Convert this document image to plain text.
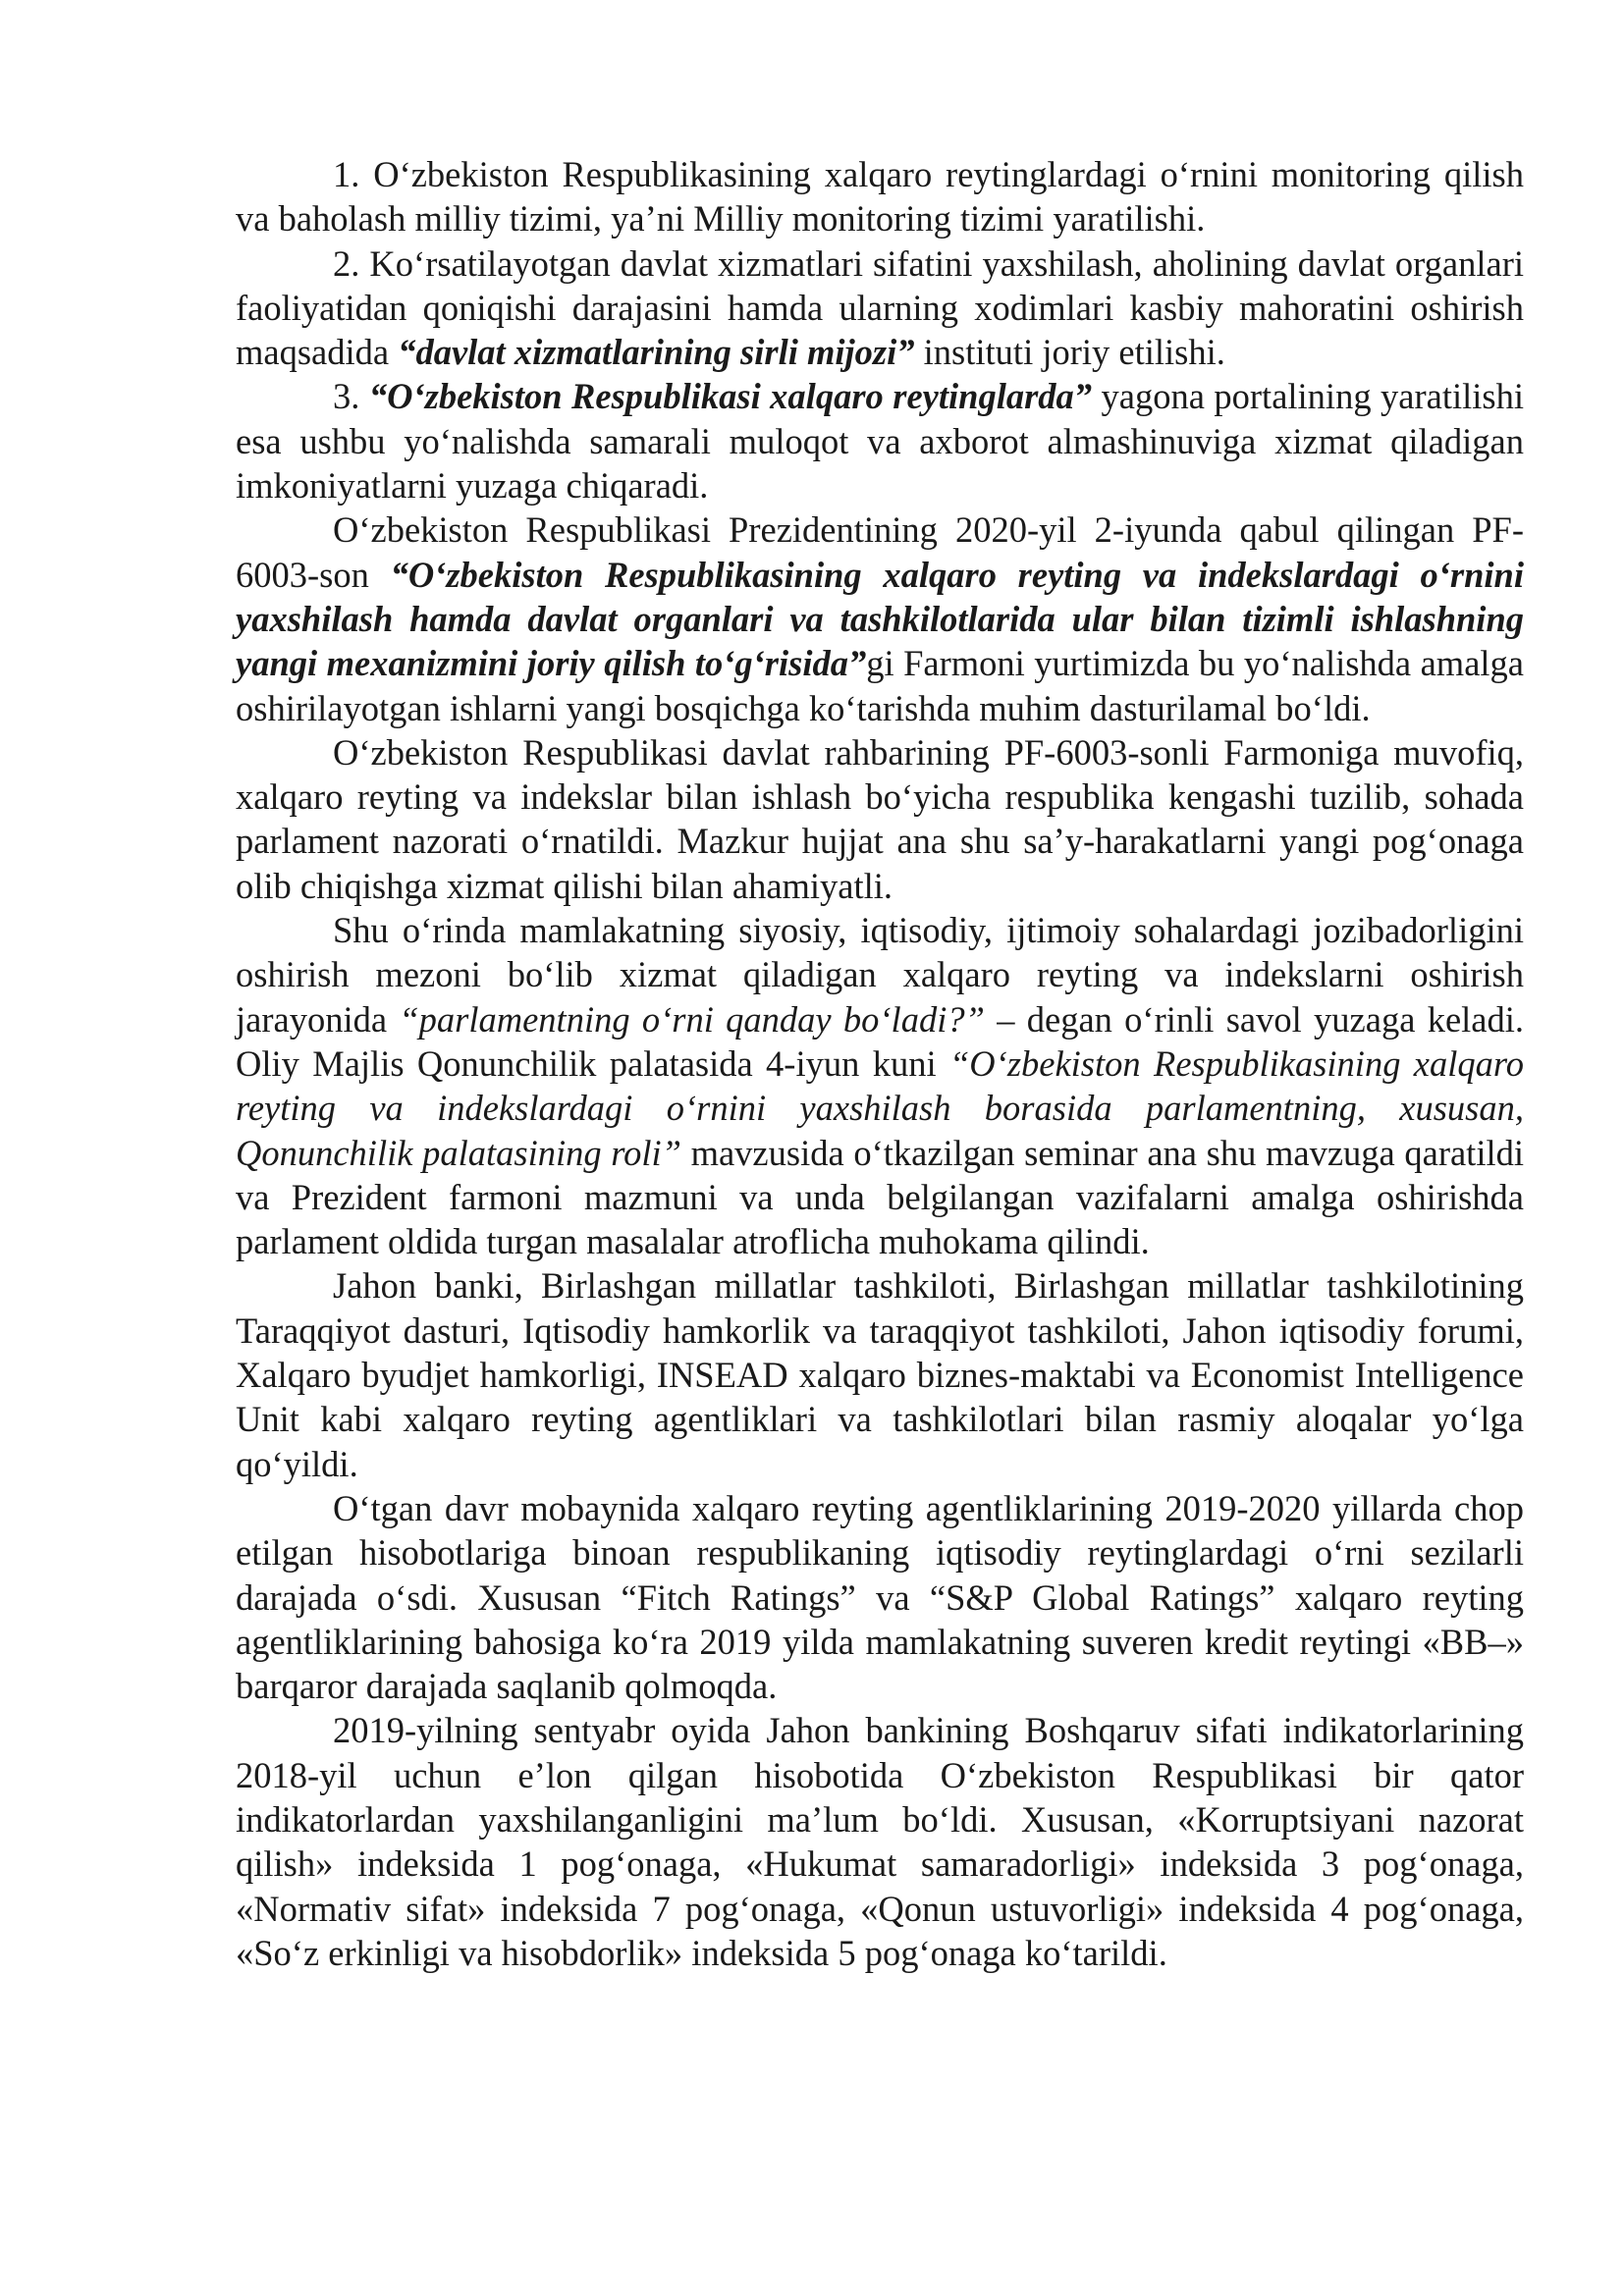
1. Oʻzbekiston Respublikasining xalqaro reytinglardagi oʻrnini monitoring qilish va baholash milliy tizimi, ya’ni Milliy monitoring tizimi yaratilishi.

2. Koʻrsatilayotgan davlat xizmatlari sifatini yaxshilash, aholining davlat organlari faoliyatidan qoniqishi darajasini hamda ularning xodimlari kasbiy mahoratini oshirish maqsadida “davlat xizmatlarining sirli mijozi” instituti joriy etilishi.

3. “Oʻzbekiston Respublikasi xalqaro reytinglarda” yagona portalining yaratilishi esa ushbu yoʻnalishda samarali muloqot va axborot almashinuviga xizmat qiladigan imkoniyatlarni yuzaga chiqaradi.

Oʻzbekiston Respublikasi Prezidentining 2020-yil 2-iyunda qabul qilingan PF-6003-son “Oʻzbekiston Respublikasining xalqaro reyting va indekslardagi oʻrnini yaxshilash hamda davlat organlari va tashkilotlarida ular bilan tizimli ishlashning yangi mexanizmini joriy qilish toʻgʻrisida”gi Farmoni yurtimizda bu yoʻnalishda amalga oshirilayotgan ishlarni yangi bosqichga koʻtarishda muhim dasturilamal boʻldi.

Oʻzbekiston Respublikasi davlat rahbarining PF-6003-sonli Farmoniga muvofiq, xalqaro reyting va indekslar bilan ishlash boʻyicha respublika kengashi tuzilib, sohada parlament nazorati oʻrnatildi. Mazkur hujjat ana shu sa’y-harakatlarni yangi pogʻonaga olib chiqishga xizmat qilishi bilan ahamiyatli.

Shu oʻrinda mamlakatning siyosiy, iqtisodiy, ijtimoiy sohalardagi jozibadorligini oshirish mezoni boʻlib xizmat qiladigan xalqaro reyting va indekslarni oshirish jarayonida “parlamentning oʻrni qanday boʻladi?” – degan oʻrinli savol yuzaga keladi. Oliy Majlis Qonunchilik palatasida 4-iyun kuni “Oʻzbekiston Respublikasining xalqaro reyting va indekslardagi oʻrnini yaxshilash borasida parlamentning, xususan, Qonunchilik palatasining roli” mavzusida oʻtkazilgan seminar ana shu mavzuga qaratildi va Prezident farmoni mazmuni va unda belgilangan vazifalarni amalga oshirishda parlament oldida turgan masalalar atroflicha muhokama qilindi.

Jahon banki, Birlashgan millatlar tashkiloti, Birlashgan millatlar tashkilotining Taraqqiyot dasturi, Iqtisodiy hamkorlik va taraqqiyot tashkiloti, Jahon iqtisodiy forumi, Xalqaro byudjet hamkorligi, INSEAD xalqaro biznes-maktabi va Economist Intelligence Unit kabi xalqaro reyting agentliklari va tashkilotlari bilan rasmiy aloqalar yoʻlga qoʻyildi.

Oʻtgan davr mobaynida xalqaro reyting agentliklarining 2019-2020 yillarda chop etilgan hisobotlariga binoan respublikaning iqtisodiy reytinglardagi oʻrni sezilarli darajada oʻsdi. Xususan “Fitch Ratings” va “S&P Global Ratings” xalqaro reyting agentliklarining bahosiga koʻra 2019 yilda mamlakatning suveren kredit reytingi «BB–» barqaror darajada saqlanib qolmoqda.

2019-yilning sentyabr oyida Jahon bankining Boshqaruv sifati indikatorlarining 2018-yil uchun e’lon qilgan hisobotida Oʻzbekiston Respublikasi bir qator indikatorlardan yaxshilanganligini ma’lum boʻldi. Xususan, «Korruptsiyani nazorat qilish» indeksida 1 pogʻonaga, «Hukumat samaradorligi» indeksida 3 pogʻonaga, «Normativ sifat» indeksida 7 pogʻonaga, «Qonun ustuvorligi» indeksida 4 pogʻonaga, «Soʻz erkinligi va hisobdorlik» indeksida 5 pogʻonaga koʻtarildi.
